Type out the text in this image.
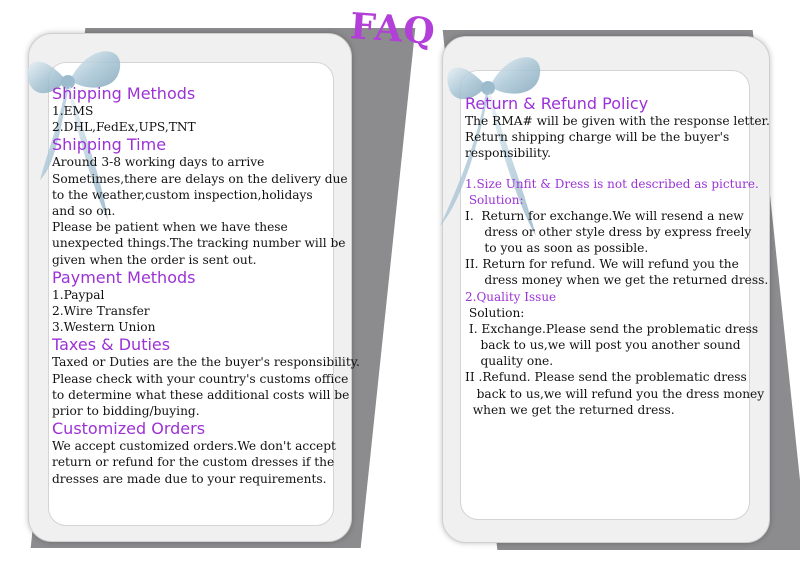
FAQ
Shipping Methods
1.EMS
2.DHL,FedEx,UPS,TNT
Shipping Time
Around 3-8 working days to arrive
Sometimes,there are delays on the delivery due
to the weather,custom inspection,holidays
and so on.
Please be patient when we have these
unexpected things.The tracking number will be
given when the order is sent out.
Payment Methods
1.Paypal
2.Wire Transfer
3.Western Union
Taxes & Duties
Taxed or Duties are the the buyer's responsibility.
Please check with your country's customs office
to determine what these additional costs will be
prior to bidding/buying.
Customized Orders
We accept customized orders.We don't accept
return or refund for the custom dresses if the
dresses are made due to your requirements.
Return & Refund Policy
The RMA# will be given with the response letter.
Return shipping charge will be the buyer's
responsibility.
1.Size Unfit & Dress is not described as picture.
Solution:
I.  Return for exchange.We will resend a new
dress or other style dress by express freely
to you as soon as possible.
II. Return for refund. We will refund you the
dress money when we get the returned dress.
2.Quality Issue
Solution:
I. Exchange.Please send the problematic dress
back to us,we will post you another sound
quality one.
II .Refund. Please send the problematic dress
back to us,we will refund you the dress money
when we get the returned dress.
